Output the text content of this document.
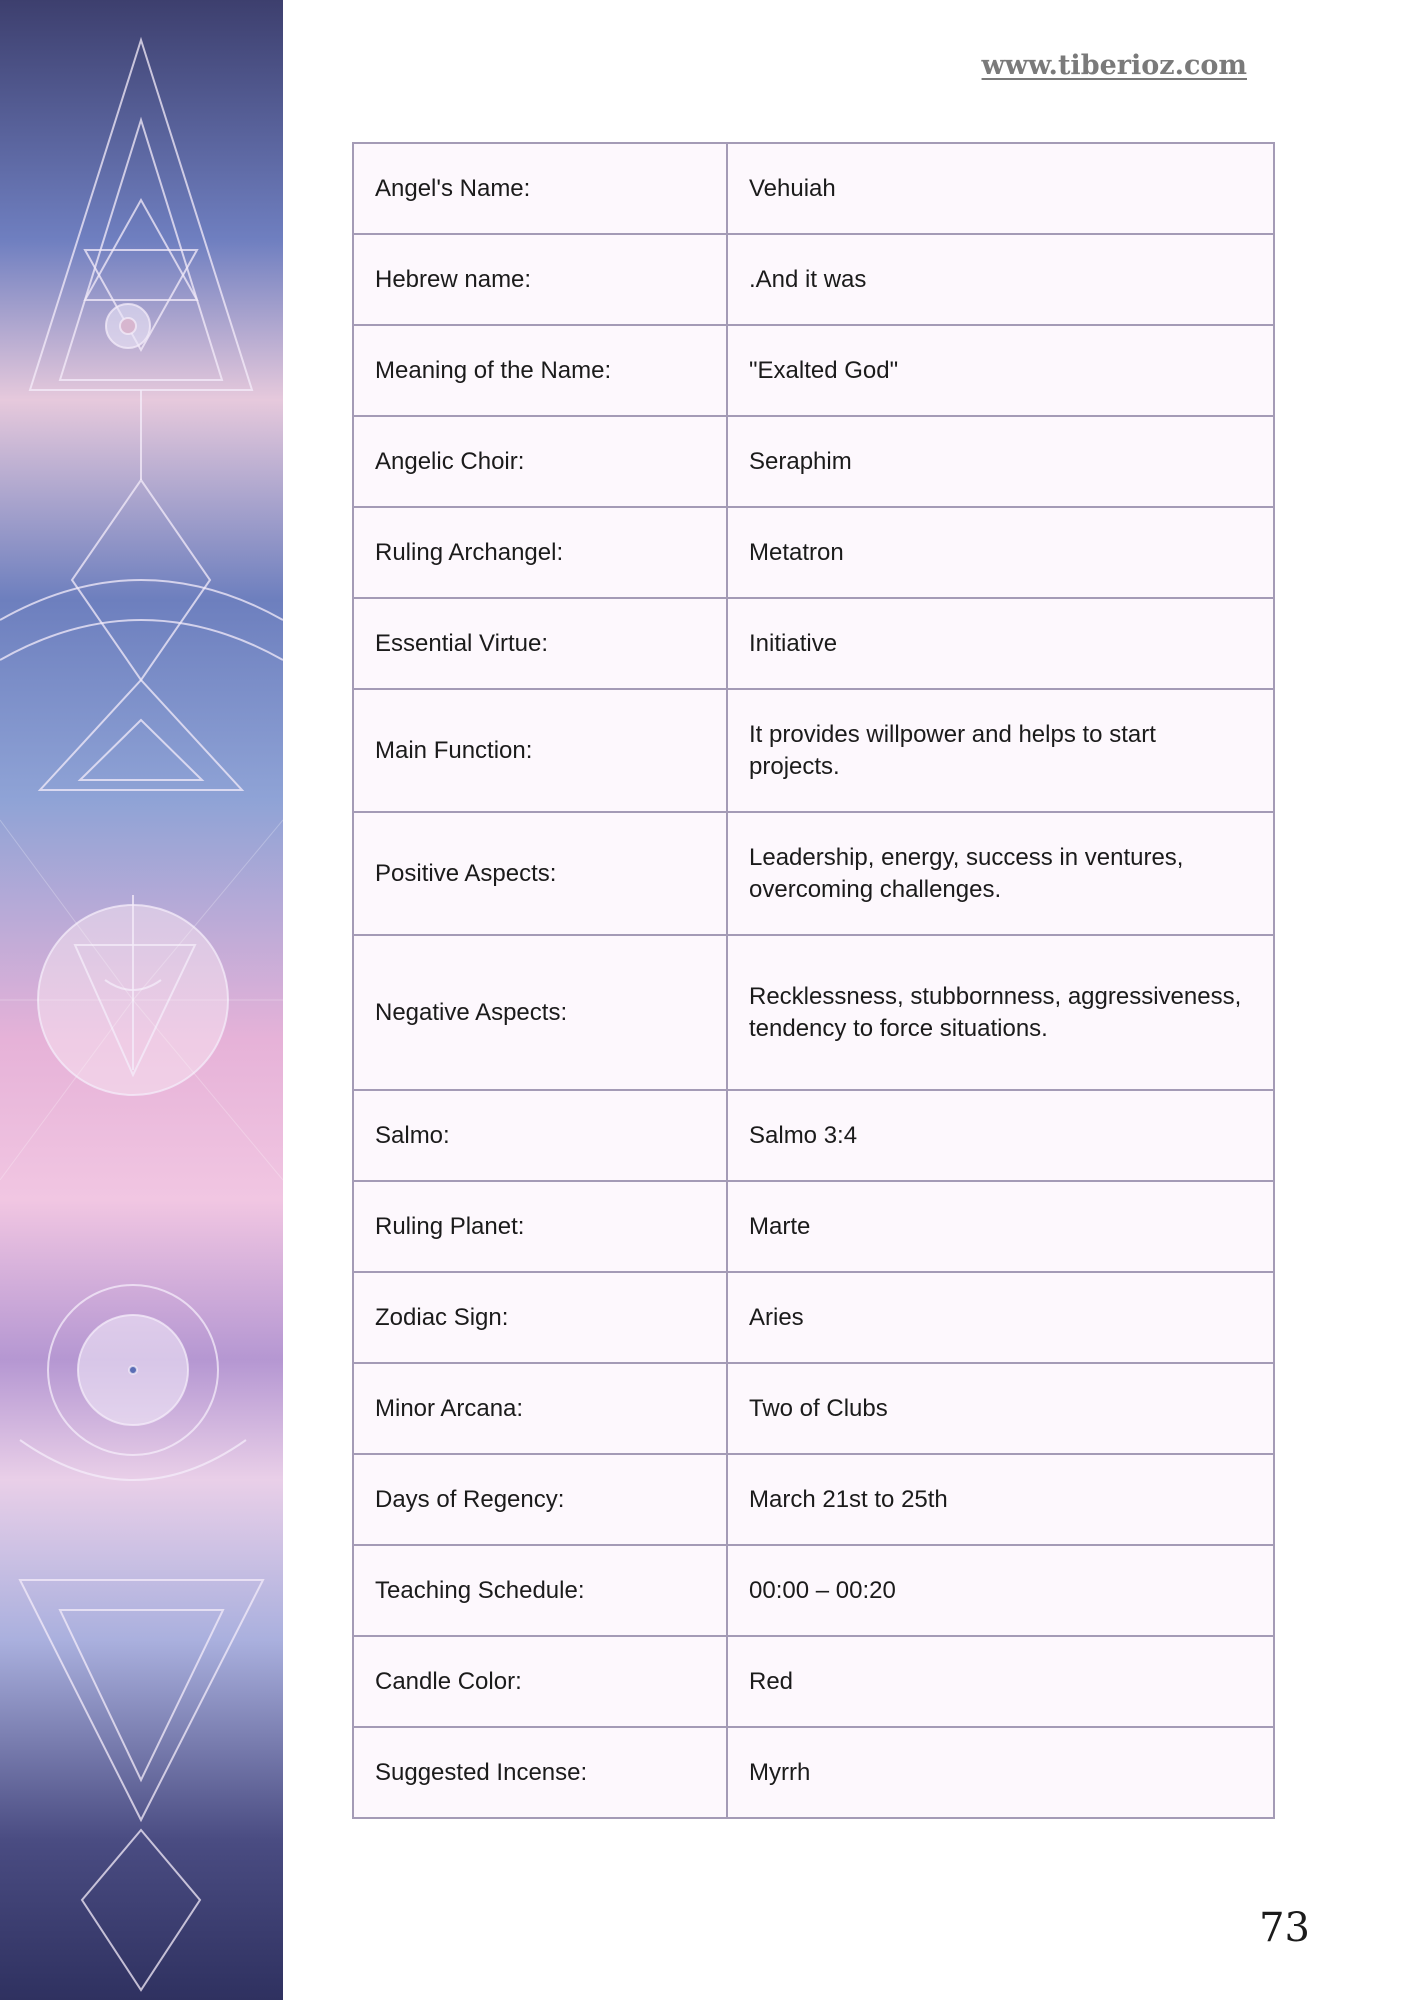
www.tiberioz.com
Angel's Name:	Vehuiah
Hebrew name:	.And it was
Meaning of the Name:	"Exalted God"
Angelic Choir:	Seraphim
Ruling Archangel:	Metatron
Essential Virtue:	Initiative
Main Function:	It provides willpower and helps to start projects.
Positive Aspects:	Leadership, energy, success in ventures, overcoming challenges.
Negative Aspects:	Recklessness, stubbornness, aggressiveness, tendency to force situations.
Salmo:	Salmo 3:4
Ruling Planet:	Marte
Zodiac Sign:	Aries
Minor Arcana:	Two of Clubs
Days of Regency:	March 21st to 25th
Teaching Schedule:	00:00 – 00:20
Candle Color:	Red
Suggested Incense:	Myrrh
73
